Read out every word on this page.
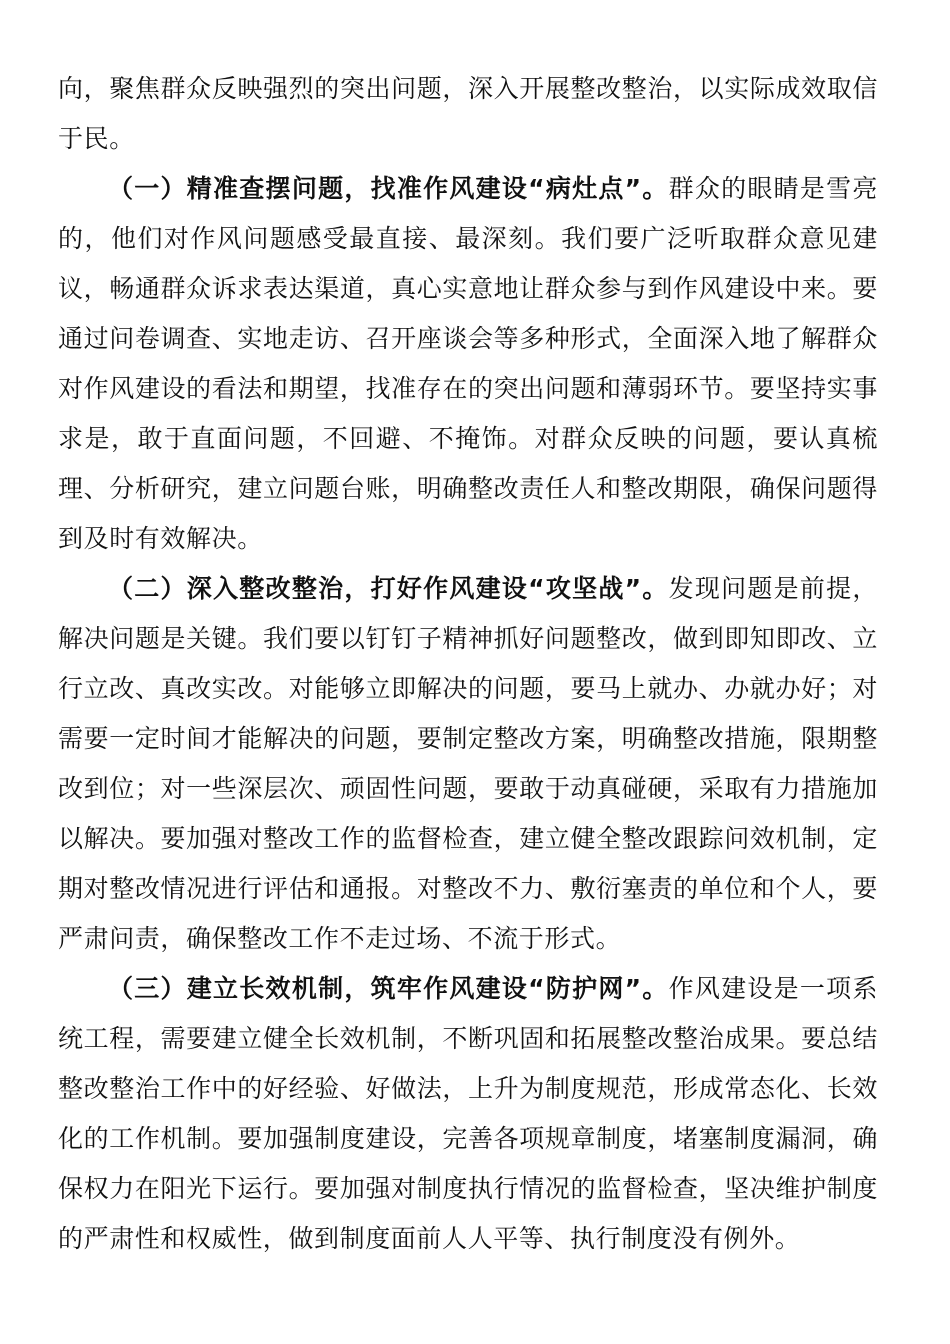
向，聚焦群众反映强烈的突出问题，深入开展整改整治，以实际成效取信于民。

（一）精准查摆问题，找准作风建设“病灶点”。群众的眼睛是雪亮的，他们对作风问题感受最直接、最深刻。我们要广泛听取群众意见建议，畅通群众诉求表达渠道，真心实意地让群众参与到作风建设中来。要通过问卷调查、实地走访、召开座谈会等多种形式，全面深入地了解群众对作风建设的看法和期望，找准存在的突出问题和薄弱环节。要坚持实事求是，敢于直面问题，不回避、不掩饰。对群众反映的问题，要认真梳理、分析研究，建立问题台账，明确整改责任人和整改期限，确保问题得到及时有效解决。

（二）深入整改整治，打好作风建设“攻坚战”。发现问题是前提，解决问题是关键。我们要以钉钉子精神抓好问题整改，做到即知即改、立行立改、真改实改。对能够立即解决的问题，要马上就办、办就办好；对需要一定时间才能解决的问题，要制定整改方案，明确整改措施，限期整改到位；对一些深层次、顽固性问题，要敢于动真碰硬，采取有力措施加以解决。要加强对整改工作的监督检查，建立健全整改跟踪问效机制，定期对整改情况进行评估和通报。对整改不力、敷衍塞责的单位和个人，要严肃问责，确保整改工作不走过场、不流于形式。

（三）建立长效机制，筑牢作风建设“防护网”。作风建设是一项系统工程，需要建立健全长效机制，不断巩固和拓展整改整治成果。要总结整改整治工作中的好经验、好做法，上升为制度规范，形成常态化、长效化的工作机制。要加强制度建设，完善各项规章制度，堵塞制度漏洞，确保权力在阳光下运行。要加强对制度执行情况的监督检查，坚决维护制度的严肃性和权威性，做到制度面前人人平等、执行制度没有例外。
